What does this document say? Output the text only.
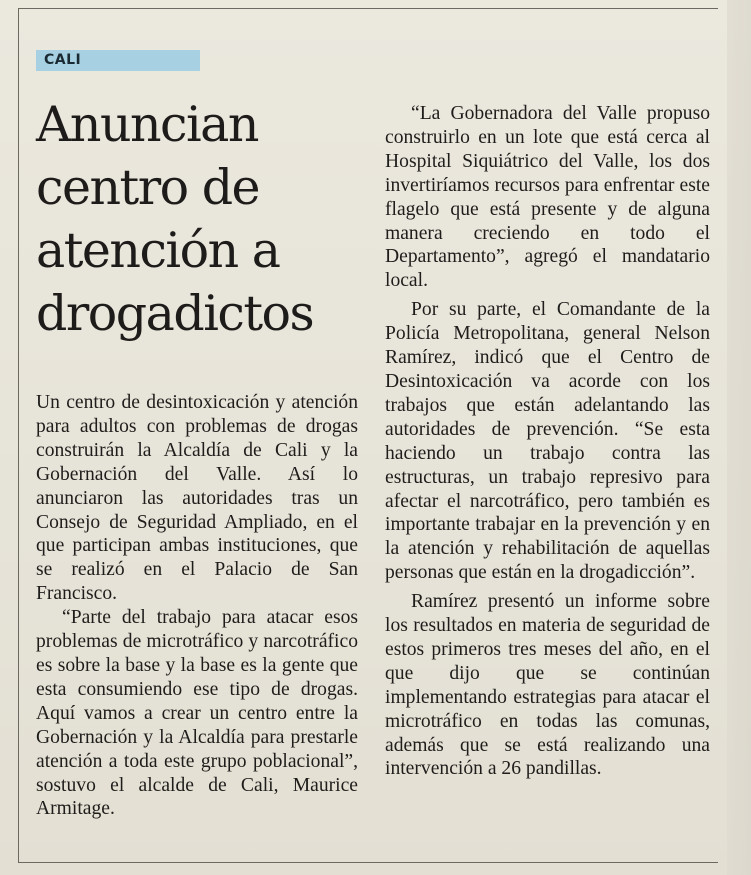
CALI
Anuncian centro de atención a drogadictos

Un centro de desintoxicación y atención para adultos con problemas de drogas construirán la Alcaldía de Cali y la Gobernación del Valle. Así lo anunciaron las autoridades tras un Consejo de Seguridad Ampliado, en el que participan ambas instituciones, que se realizó en el Palacio de San Francisco.

“Parte del trabajo para atacar esos problemas de microtráfico y narcotráfico es sobre la base y la base es la gente que esta consumiendo ese tipo de drogas. Aquí vamos a crear un centro entre la Gobernación y la Alcaldía para prestarle atención a toda este grupo poblacional”, sostuvo el alcalde de Cali, Maurice Armitage.

“La Gobernadora del Valle propuso construirlo en un lote que está cerca al Hospital Siquiátrico del Valle, los dos invertiríamos recursos para enfrentar este flagelo que está presente y de alguna manera creciendo en todo el Departamento”, agregó el mandatario local.

Por su parte, el Comandante de la Policía Metropolitana, general Nelson Ramírez, indicó que el Centro de Desintoxicación va acorde con los trabajos que están adelantando las autoridades de prevención. “Se esta haciendo un trabajo contra las estructuras, un trabajo represivo para afectar el narcotráfico, pero también es importante trabajar en la prevención y en la atención y rehabilitación de aquellas personas que están en la drogadicción”.

Ramírez presentó un informe sobre los resultados en materia de seguridad de estos primeros tres meses del año, en el que dijo que se continúan implementando estrategias para atacar el microtráfico en todas las comunas, además que se está realizando una intervención a 26 pandillas.
